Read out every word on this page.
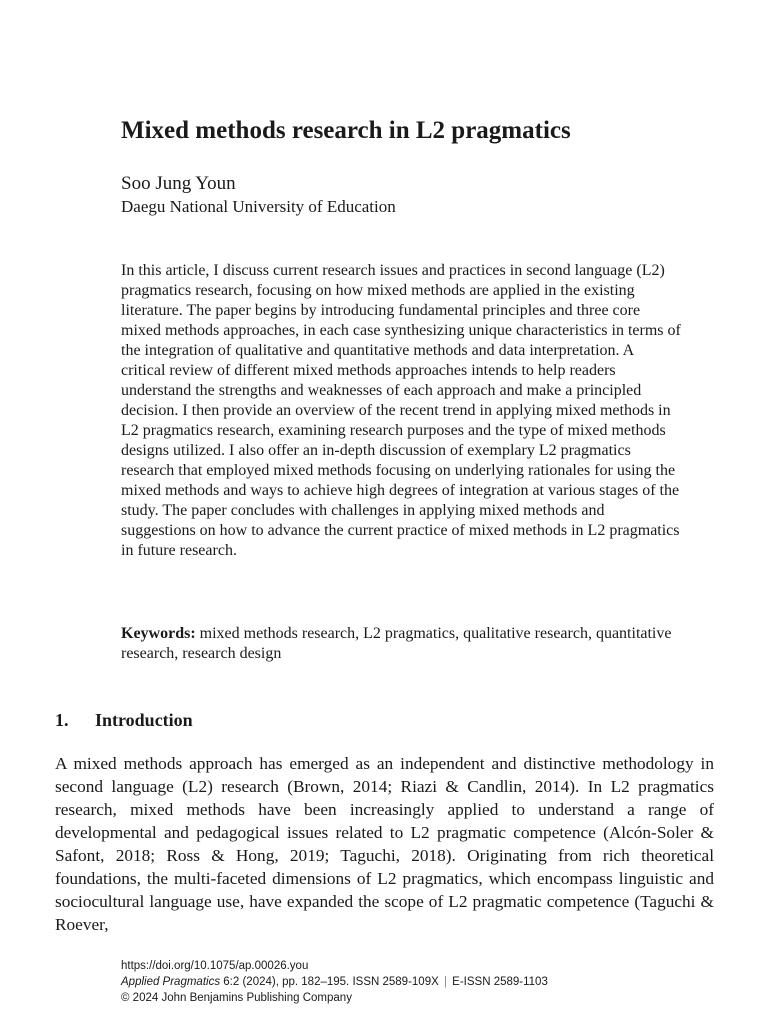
Mixed methods research in L2 pragmatics

Soo Jung Youn

Daegu National University of Education

In this article, I discuss current research issues and practices in second language (L2) pragmatics research, focusing on how mixed methods are applied in the existing literature. The paper begins by introducing fundamental principles and three core mixed methods approaches, in each case synthesizing unique characteristics in terms of the integration of qualitative and quantitative methods and data interpretation. A critical review of different mixed methods approaches intends to help readers understand the strengths and weaknesses of each approach and make a principled decision. I then provide an overview of the recent trend in applying mixed methods in L2 pragmatics research, examining research purposes and the type of mixed methods designs utilized. I also offer an in-depth discussion of exemplary L2 pragmatics research that employed mixed methods focusing on underlying rationales for using the mixed methods and ways to achieve high degrees of integration at various stages of the study. The paper concludes with challenges in applying mixed methods and suggestions on how to advance the current practice of mixed methods in L2 pragmatics in future research.

Keywords: mixed methods research, L2 pragmatics, qualitative research, quantitative research, research design

1. Introduction

A mixed methods approach has emerged as an independent and distinctive methodology in second language (L2) research (Brown, 2014; Riazi & Candlin, 2014). In L2 pragmatics research, mixed methods have been increasingly applied to understand a range of developmental and pedagogical issues related to L2 pragmatic competence (Alcón-Soler & Safont, 2018; Ross & Hong, 2019; Taguchi, 2018). Originating from rich theoretical foundations, the multi-faceted dimensions of L2 pragmatics, which encompass linguistic and sociocultural language use, have expanded the scope of L2 pragmatic competence (Taguchi & Roever,

https://doi.org/10.1075/ap.00026.you
Applied Pragmatics 6:2 (2024), pp. 182–195. ISSN 2589-109X | E-ISSN 2589-1103
© 2024 John Benjamins Publishing Company
